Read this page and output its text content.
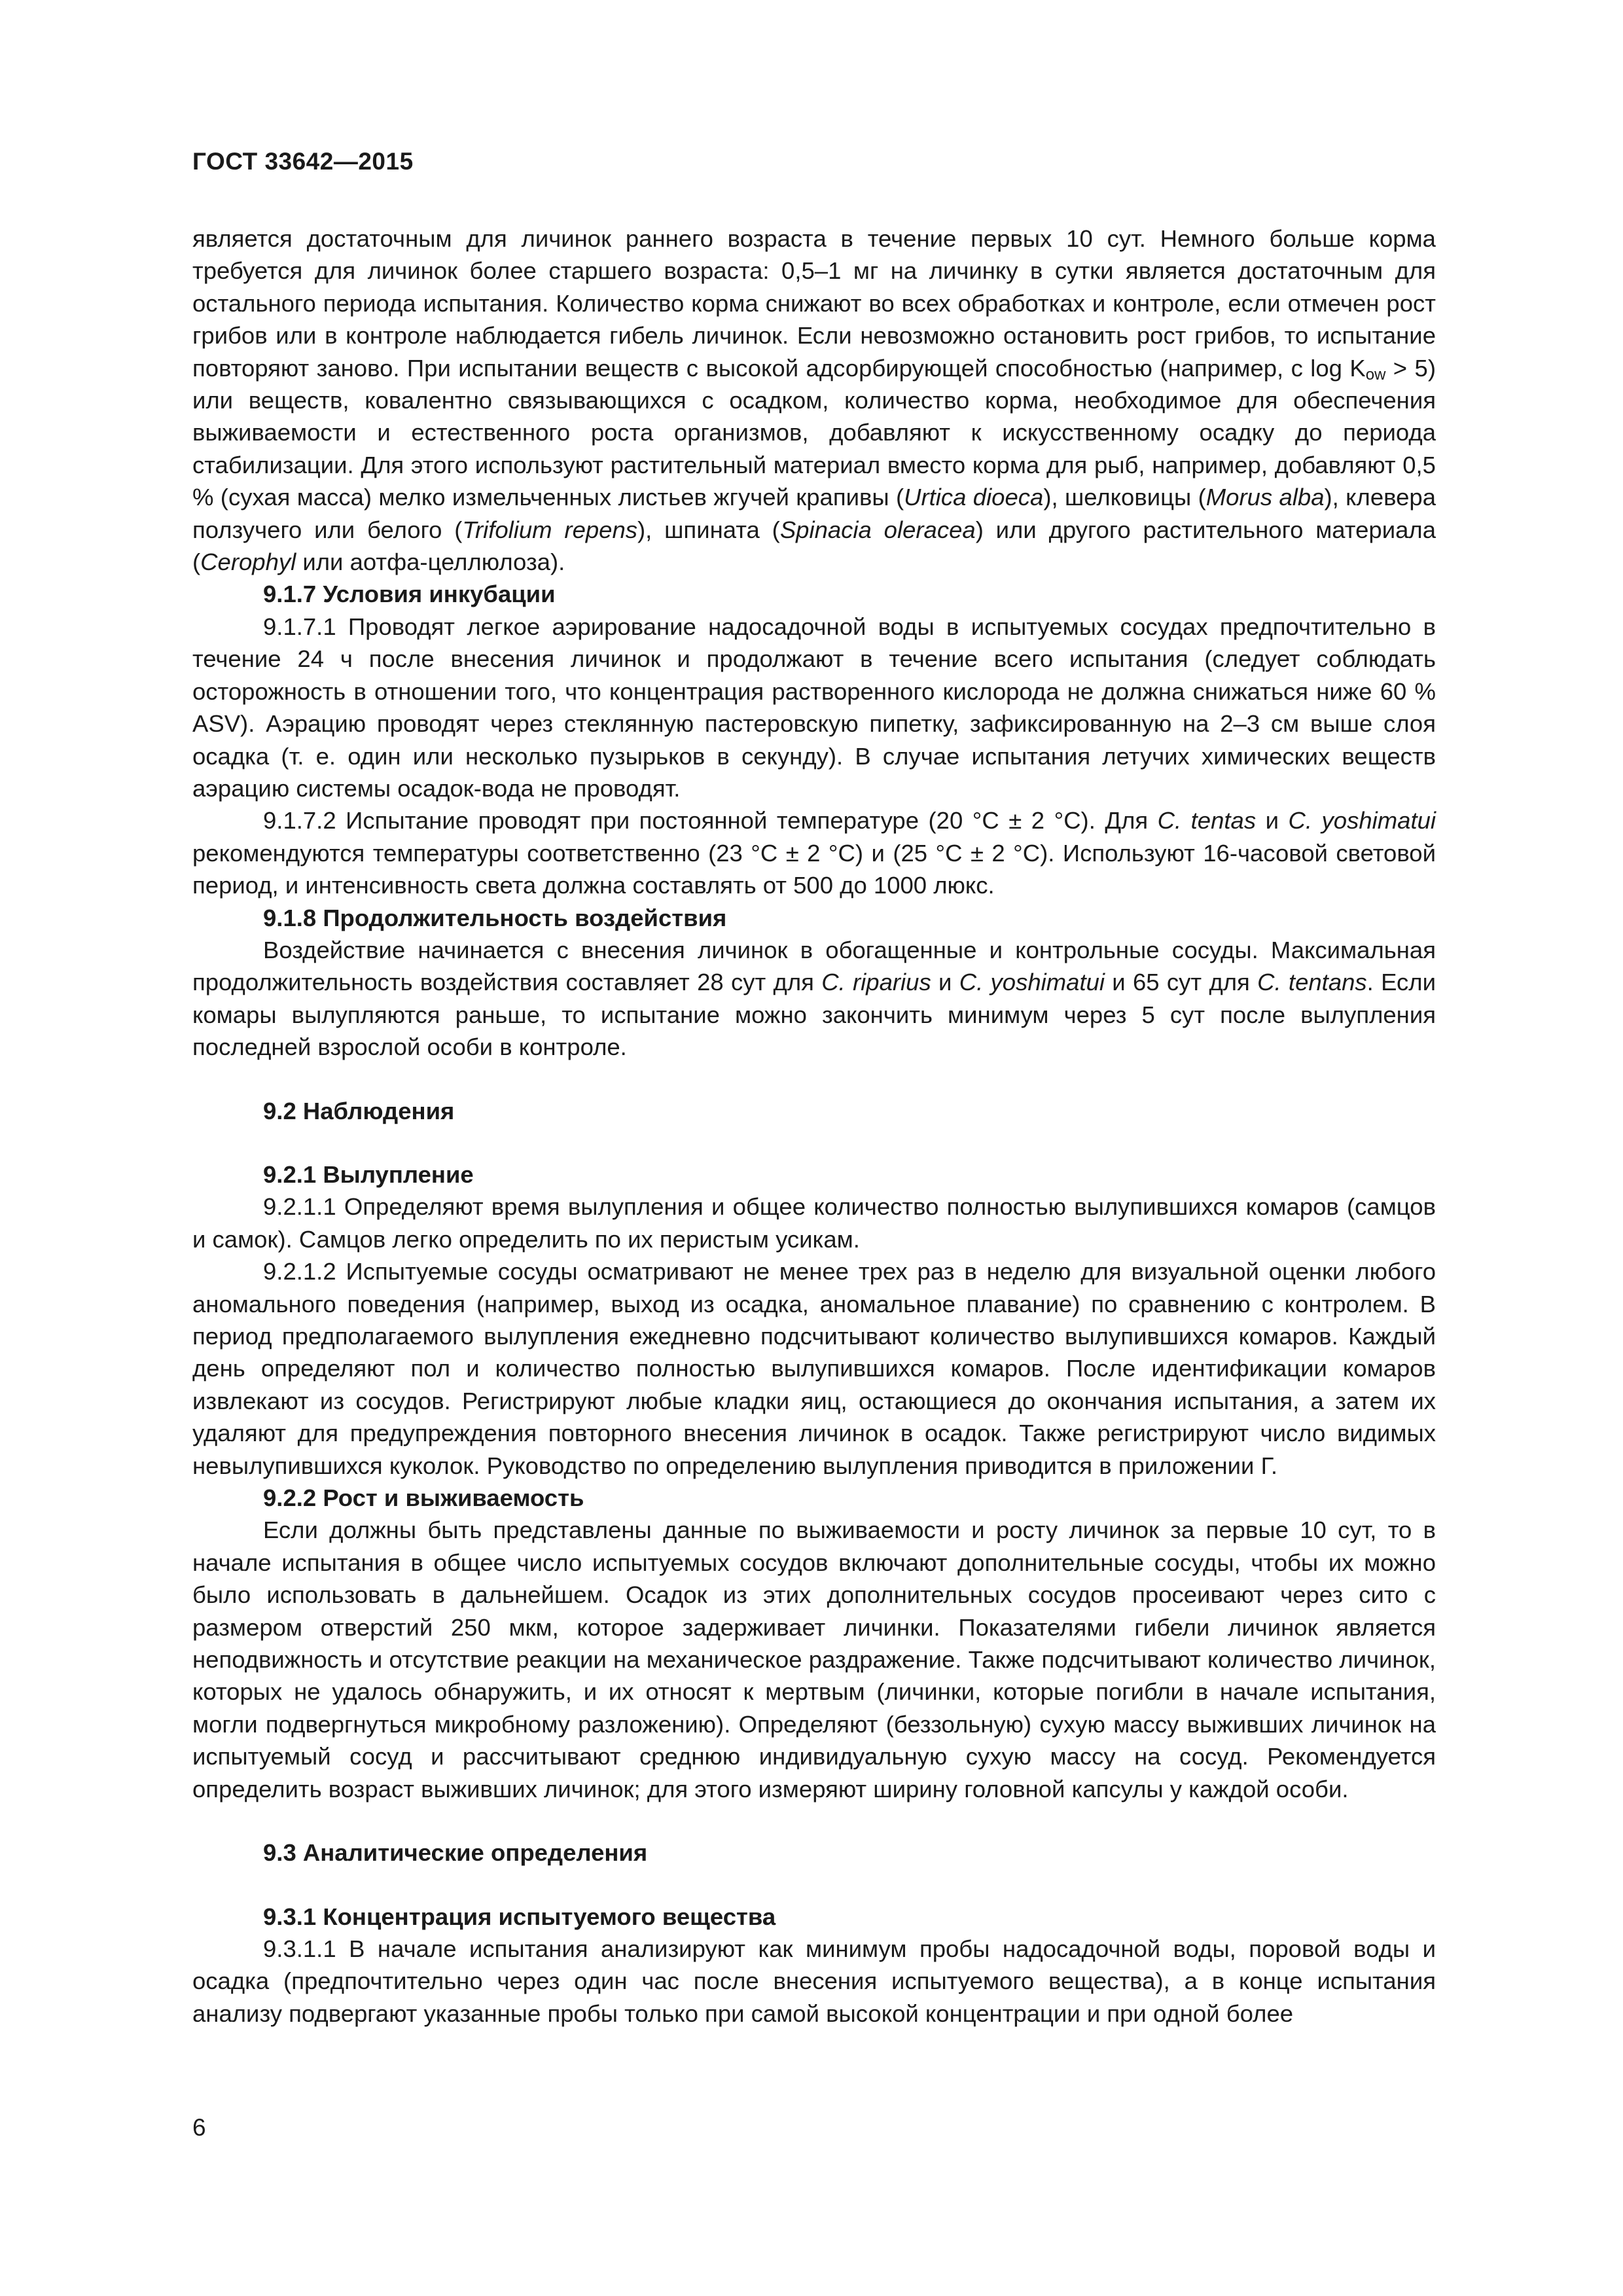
ГОСТ 33642—2015

является достаточным для личинок раннего возраста в течение первых 10 сут. Немного больше корма требуется для личинок более старшего возраста: 0,5–1 мг на личинку в сутки является достаточным для остального периода испытания. Количество корма снижают во всех обработках и контроле, если отмечен рост грибов или в контроле наблюдается гибель личинок. Если невозможно остановить рост грибов, то испытание повторяют заново. При испытании веществ с высокой адсорбирующей способностью (например, с $\log K_{ow} > 5$) или веществ, ковалентно связывающихся с осадком, количество корма, необходимое для обеспечения выживаемости и естественного роста организмов, добавляют к искусственному осадку до периода стабилизации. Для этого используют растительный материал вместо корма для рыб, например, добавляют 0,5 % (сухая масса) мелко измельченных листьев жгучей крапивы (Urtica dioeca), шелковицы (Morus alba), клевера ползучего или белого (Trifolium repens), шпината (Spinacia oleracea) или другого растительного материала (Cerophyl или аотфа-целлюлоза).

9.1.7 Условия инкубации

9.1.7.1 Проводят легкое аэрирование надосадочной воды в испытуемых сосудах предпочтительно в течение 24 ч после внесения личинок и продолжают в течение всего испытания (следует соблюдать осторожность в отношении того, что концентрация растворенного кислорода не должна снижаться ниже 60 % ASV). Аэрацию проводят через стеклянную пастеровскую пипетку, зафиксированную на 2–3 см выше слоя осадка (т. е. один или несколько пузырьков в секунду). В случае испытания летучих химических веществ аэрацию системы осадок-вода не проводят.

9.1.7.2 Испытание проводят при постоянной температуре (20 °С ± 2 °С). Для C. tentas и C. yoshimatui рекомендуются температуры соответственно (23 °С ± 2 °С) и (25 °С ± 2 °С). Используют 16-часовой световой период, и интенсивность света должна составлять от 500 до 1000 люкс.

9.1.8 Продолжительность воздействия

Воздействие начинается с внесения личинок в обогащенные и контрольные сосуды. Максимальная продолжительность воздействия составляет 28 сут для C. riparius и C. yoshimatui и 65 сут для C. tentans. Если комары вылупляются раньше, то испытание можно закончить минимум через 5 сут после вылупления последней взрослой особи в контроле.

9.2 Наблюдения

9.2.1 Вылупление

9.2.1.1 Определяют время вылупления и общее количество полностью вылупившихся комаров (самцов и самок). Самцов легко определить по их перистым усикам.

9.2.1.2 Испытуемые сосуды осматривают не менее трех раз в неделю для визуальной оценки любого аномального поведения (например, выход из осадка, аномальное плавание) по сравнению с контролем. В период предполагаемого вылупления ежедневно подсчитывают количество вылупившихся комаров. Каждый день определяют пол и количество полностью вылупившихся комаров. После идентификации комаров извлекают из сосудов. Регистрируют любые кладки яиц, остающиеся до окончания испытания, а затем их удаляют для предупреждения повторного внесения личинок в осадок. Также регистрируют число видимых невылупившихся куколок. Руководство по определению вылупления приводится в приложении Г.

9.2.2 Рост и выживаемость

Если должны быть представлены данные по выживаемости и росту личинок за первые 10 сут, то в начале испытания в общее число испытуемых сосудов включают дополнительные сосуды, чтобы их можно было использовать в дальнейшем. Осадок из этих дополнительных сосудов просеивают через сито с размером отверстий 250 мкм, которое задерживает личинки. Показателями гибели личинок является неподвижность и отсутствие реакции на механическое раздражение. Также подсчитывают количество личинок, которых не удалось обнаружить, и их относят к мертвым (личинки, которые погибли в начале испытания, могли подвергнуться микробному разложению). Определяют (беззольную) сухую массу выживших личинок на испытуемый сосуд и рассчитывают среднюю индивидуальную сухую массу на сосуд. Рекомендуется определить возраст выживших личинок; для этого измеряют ширину головной капсулы у каждой особи.

9.3 Аналитические определения

9.3.1 Концентрация испытуемого вещества

9.3.1.1 В начале испытания анализируют как минимум пробы надосадочной воды, поровой воды и осадка (предпочтительно через один час после внесения испытуемого вещества), а в конце испытания анализу подвергают указанные пробы только при самой высокой концентрации и при одной более

6
